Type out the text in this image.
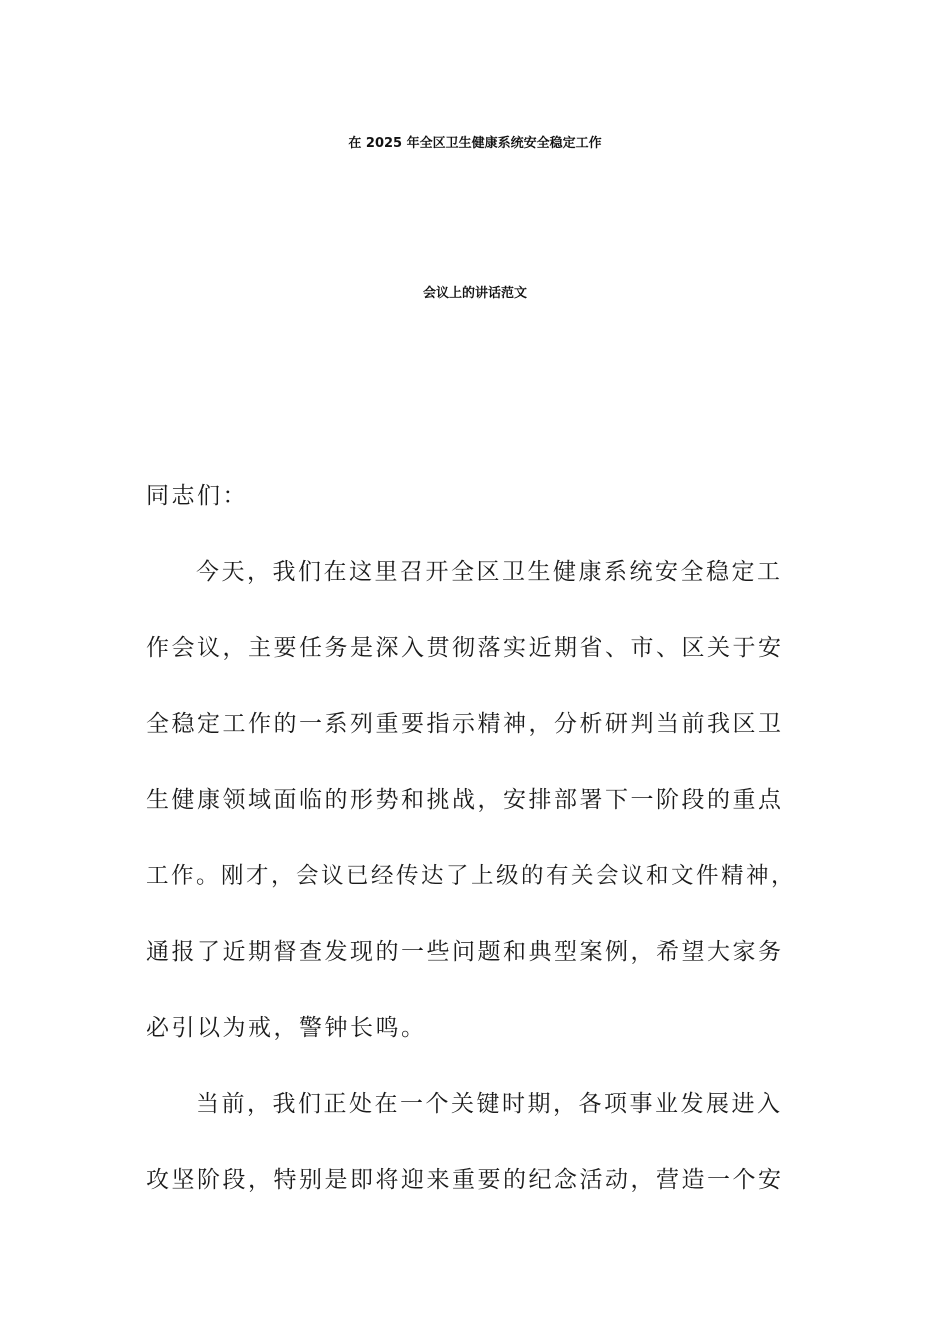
在 2025 年全区卫生健康系统安全稳定工作
会议上的讲话范文
同志们：
今天，我们在这里召开全区卫生健康系统安全稳定工
作会议，主要任务是深入贯彻落实近期省、市、区关于安
全稳定工作的一系列重要指示精神，分析研判当前我区卫
生健康领域面临的形势和挑战，安排部署下一阶段的重点
工作。刚才，会议已经传达了上级的有关会议和文件精神，
通报了近期督查发现的一些问题和典型案例，希望大家务
必引以为戒，警钟长鸣。
当前，我们正处在一个关键时期，各项事业发展进入
攻坚阶段，特别是即将迎来重要的纪念活动，营造一个安
